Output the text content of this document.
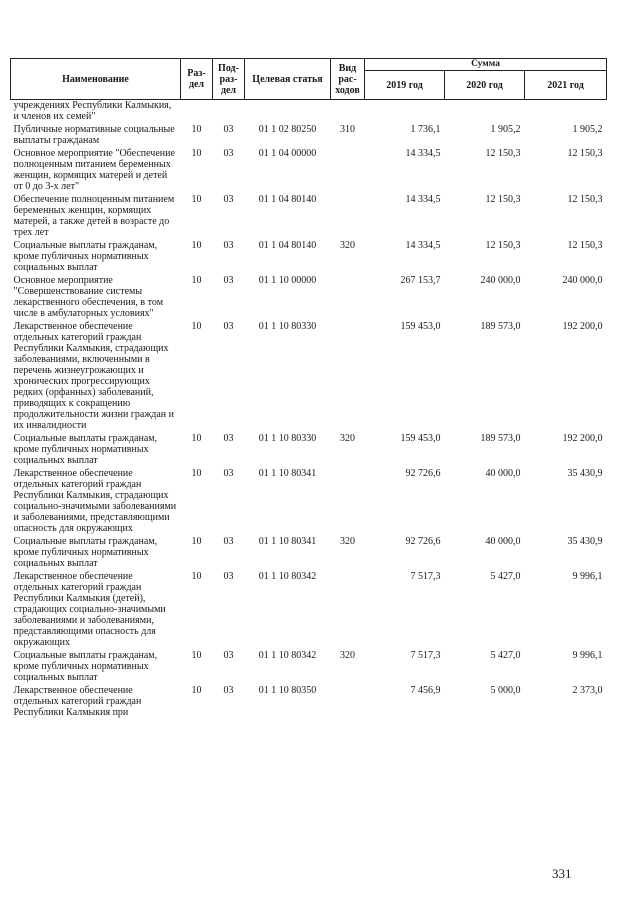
Наименование	Раз-дел	Под-раз-дел	Целевая статья	Вид рас-ходов	Сумма		
					2019 год	2020 год	2021 год
учреждениях Республики Калмыкия, и членов их семей"							
Публичные нормативные социальные выплаты гражданам	10	03	01 1 02 80250	310	1 736,1	1 905,2	1 905,2
Основное мероприятие "Обеспечение полноценным питанием беременных женщин, кормящих матерей и детей от 0 до 3-х лет"	10	03	01 1 04 00000		14 334,5	12 150,3	12 150,3
Обеспечение полноценным питанием беременных женщин, кормящих матерей, а также детей в возрасте до трех лет	10	03	01 1 04 80140		14 334,5	12 150,3	12 150,3
Социальные выплаты гражданам, кроме публичных нормативных социальных выплат	10	03	01 1 04 80140	320	14 334,5	12 150,3	12 150,3
Основное мероприятие "Совершенствование системы лекарственного обеспечения, в том числе в амбулаторных условиях"	10	03	01 1 10 00000		267 153,7	240 000,0	240 000,0
Лекарственное обеспечение отдельных категорий граждан Республики Калмыкия, страдающих заболеваниями, включенными в перечень жизнеугрожающих и хронических прогрессирующих редких (орфанных) заболеваний, приводящих к сокращению продолжительности жизни граждан и их инвалидности	10	03	01 1 10 80330		159 453,0	189 573,0	192 200,0
Социальные выплаты гражданам, кроме публичных нормативных социальных выплат	10	03	01 1 10 80330	320	159 453,0	189 573,0	192 200,0
Лекарственное обеспечение отдельных категорий граждан Республики Калмыкия, страдающих социально-значимыми заболеваниями и заболеваниями, представляющими опасность для окружающих	10	03	01 1 10 80341		92 726,6	40 000,0	35 430,9
Социальные выплаты гражданам, кроме публичных нормативных социальных выплат	10	03	01 1 10 80341	320	92 726,6	40 000,0	35 430,9
Лекарственное обеспечение отдельных категорий граждан Республики Калмыкия (детей), страдающих социально-значимыми заболеваниями и заболеваниями, представляющими опасность для окружающих	10	03	01 1 10 80342		7 517,3	5 427,0	9 996,1
Социальные выплаты гражданам, кроме публичных нормативных социальных выплат	10	03	01 1 10 80342	320	7 517,3	5 427,0	9 996,1
Лекарственное обеспечение отдельных категорий граждан Республики Калмыкия при	10	03	01 1 10 80350		7 456,9	5 000,0	2 373,0
331
